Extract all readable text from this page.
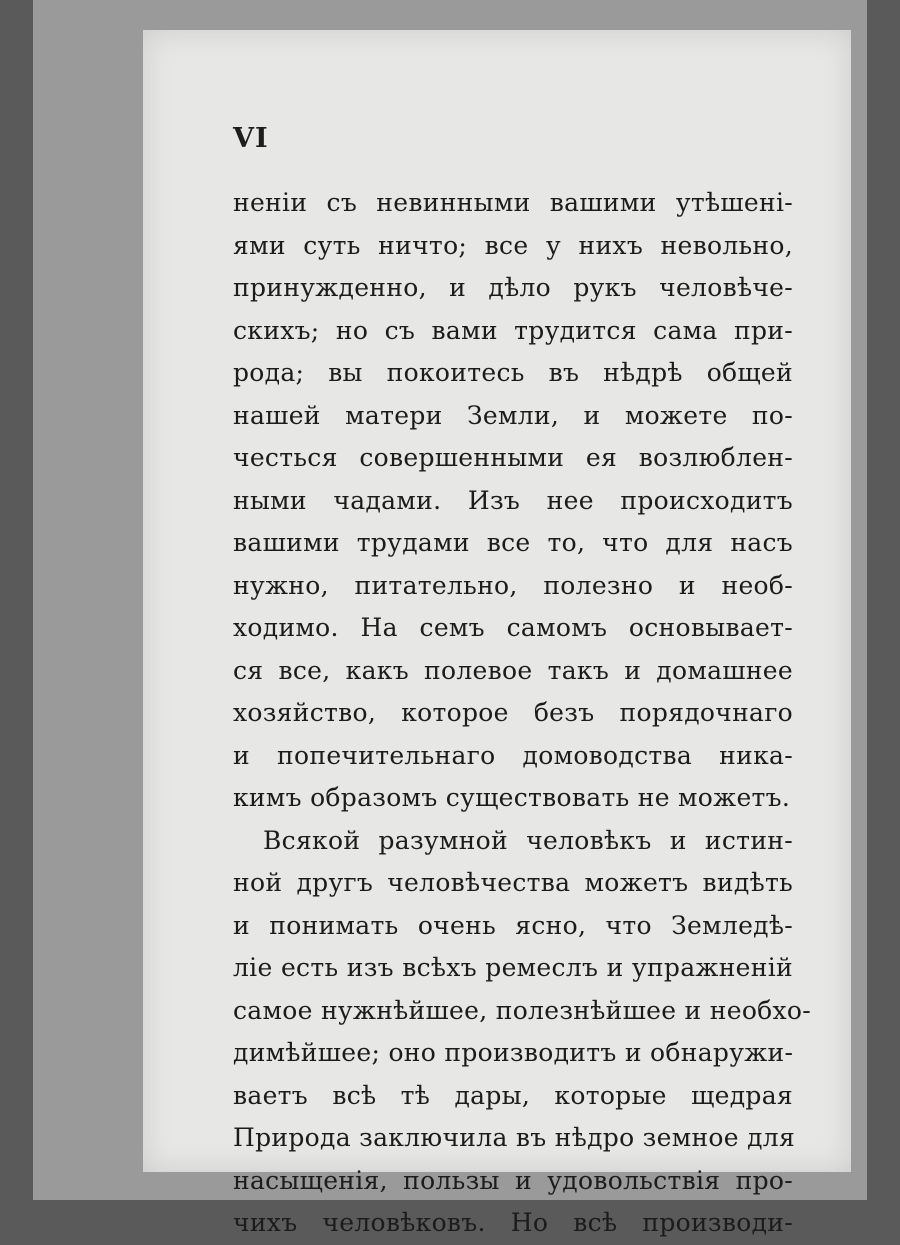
VI
неніи съ невинными вашими утѣшені-
ями суть ничто; все у нихъ невольно,
принужденно, и дѣло рукъ человѣче-
скихъ; но съ вами трудится сама при-
рода; вы покоитесь въ нѣдрѣ общей
нашей матери Земли, и можете по-
честься совершенными ея возлюблен-
ными чадами. Изъ нее происходитъ
вашими трудами все то, что для насъ
нужно, питательно, полезно и необ-
ходимо. На семъ самомъ основывает-
ся все, какъ полевое такъ и домашнее
хозяйство, которое безъ порядочнаго
и попечительнаго домоводства ника-
кимъ образомъ существовать не можетъ.
Всякой разумной человѣкъ и истин-
ной другъ человѣчества можетъ видѣть
и понимать очень ясно, что Земледѣ-
ліе есть изъ всѣхъ ремеслъ и упражненій
самое нужнѣйшее, полезнѣйшее и необхо-
димѣйшее; оно производитъ и обнаружи-
ваетъ всѣ тѣ дары, которые щедрая
Природа заключила въ нѣдро земное для
насыщенія, пользы и удовольствія про-
чихъ человѣковъ. Но всѣ производи-
